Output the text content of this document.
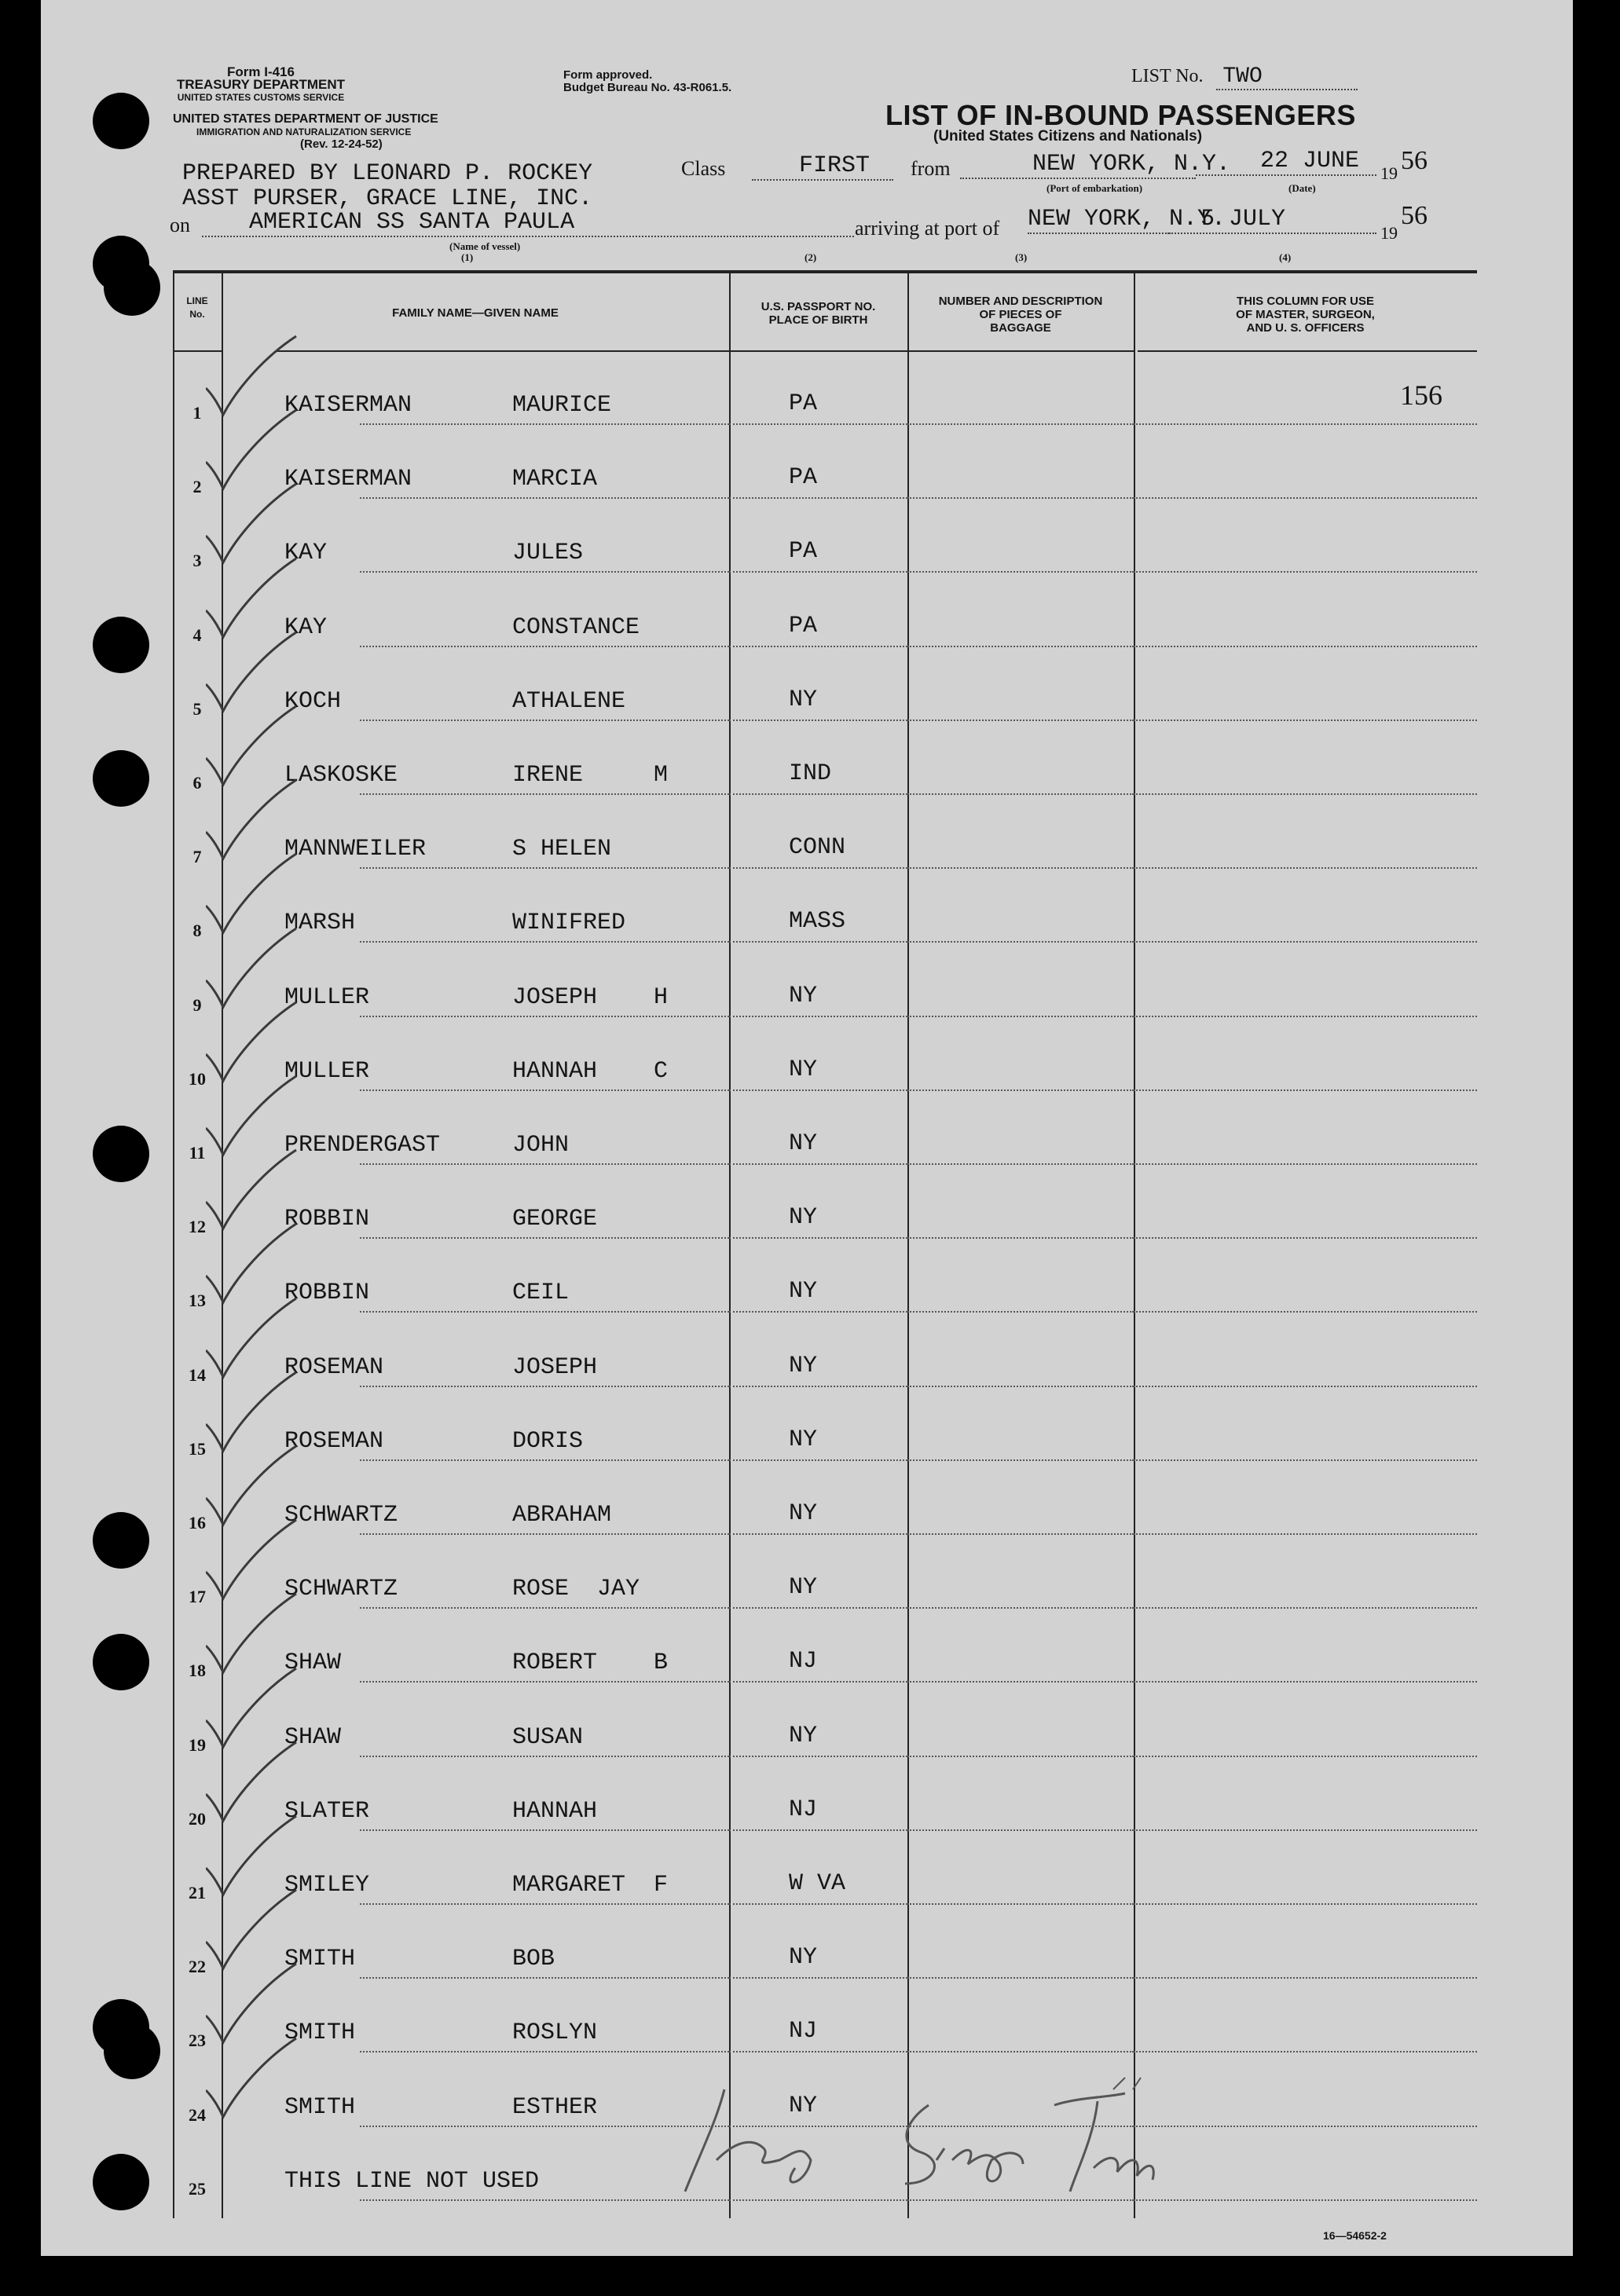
Form I-416
TREASURY DEPARTMENT
UNITED STATES CUSTOMS SERVICE
UNITED STATES DEPARTMENT OF JUSTICE
IMMIGRATION AND NATURALIZATION SERVICE
(Rev. 12-24-52)
Form approved.
Budget Bureau No. 43-R061.5.
LIST No. TWO
LIST OF IN-BOUND PASSENGERS
(United States Citizens and Nationals)
PREPARED BY LEONARD P. ROCKEY
ASST PURSER, GRACE LINE, INC.
Class	FIRST	from	NEW YORK, N.Y.	22 JUNE	19 56
(Port of embarkation)	(Date)
on	AMERICAN SS SANTA PAULA
(Name of vessel)
arriving at port of NEW YORK, N.Y.
5 JULY
19
56
(1)	(2)	(3)	(4)
LINE
No.	FAMILY NAME—GIVEN NAME	U.S. PASSPORT NO.
PLACE OF BIRTH
NUMBER AND DESCRIPTION
OF PIECES OF
BAGGAGE
THIS COLUMN FOR USE
OF MASTER, SURGEON,
AND U. S. OFFICERS
156
1	KAISERMAN	MAURICE	PA
2	KAISERMAN	MARCIA	PA
3	KAY	JULES	PA
4	KAY	CONSTANCE	PA
5	KOCH	ATHALENE	NY
6	LASKOSKE	IRENE     M	IND
7	MANNWEILER	S HELEN	CONN
8	MARSH	WINIFRED	MASS
9	MULLER	JOSEPH    H	NY
10	MULLER	HANNAH    C	NY
11	PRENDERGAST	JOHN	NY
12	ROBBIN	GEORGE	NY
13	ROBBIN	CEIL	NY
14	ROSEMAN	JOSEPH	NY
15	ROSEMAN	DORIS	NY
16	SCHWARTZ	ABRAHAM	NY
17	SCHWARTZ	ROSE  JAY	NY
18	SHAW	ROBERT    B	NJ
19	SHAW	SUSAN	NY
20	SLATER	HANNAH	NJ
21	SMILEY	MARGARET  F	W VA
22	SMITH	BOB	NY
23	SMITH	ROSLYN	NJ
24	SMITH	ESTHER	NY
25	THIS LINE NOT USED
16—54652-2
